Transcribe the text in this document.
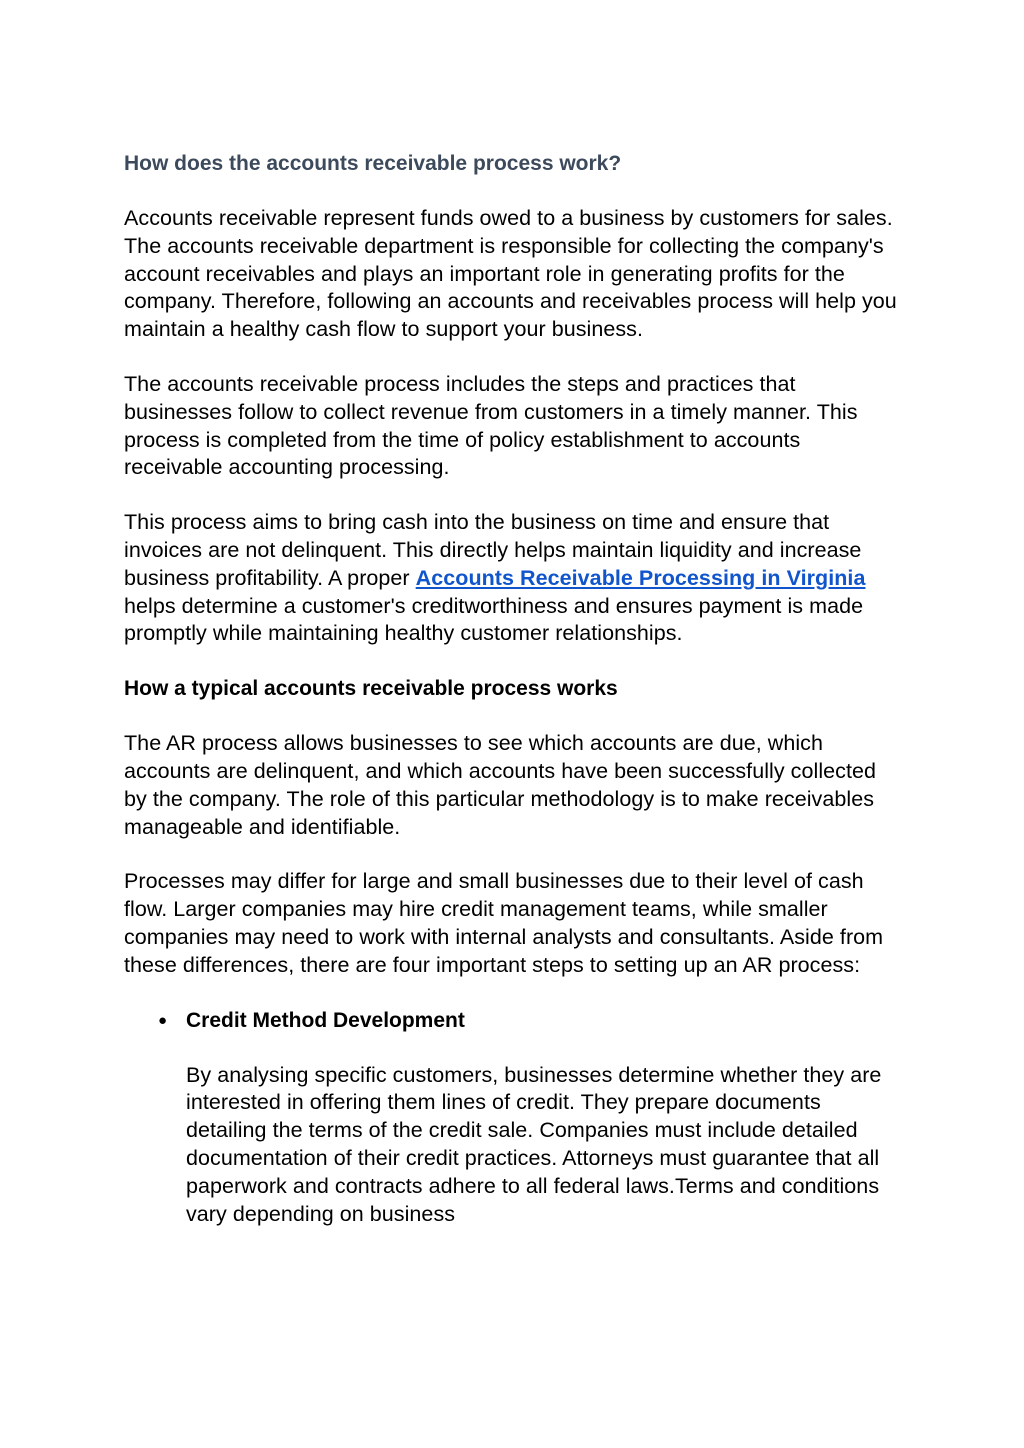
How does the accounts receivable process work?

Accounts receivable represent funds owed to a business by customers for sales. The accounts receivable department is responsible for collecting the company's account receivables and plays an important role in generating profits for the company. Therefore, following an accounts and receivables process will help you maintain a healthy cash flow to support your business.

The accounts receivable process includes the steps and practices that businesses follow to collect revenue from customers in a timely manner. This process is completed from the time of policy establishment to accounts receivable accounting processing.

This process aims to bring cash into the business on time and ensure that invoices are not delinquent. This directly helps maintain liquidity and increase business profitability. A proper Accounts Receivable Processing in Virginia helps determine a customer's creditworthiness and ensures payment is made promptly while maintaining healthy customer relationships.

How a typical accounts receivable process works

The AR process allows businesses to see which accounts are due, which accounts are delinquent, and which accounts have been successfully collected by the company. The role of this particular methodology is to make receivables manageable and identifiable.

Processes may differ for large and small businesses due to their level of cash flow. Larger companies may hire credit management teams, while smaller companies may need to work with internal analysts and consultants. Aside from these differences, there are four important steps to setting up an AR process:

● Credit Method Development

By analysing specific customers, businesses determine whether they are interested in offering them lines of credit. They prepare documents detailing the terms of the credit sale. Companies must include detailed documentation of their credit practices. Attorneys must guarantee that all paperwork and contracts adhere to all federal laws.Terms and conditions vary depending on business
